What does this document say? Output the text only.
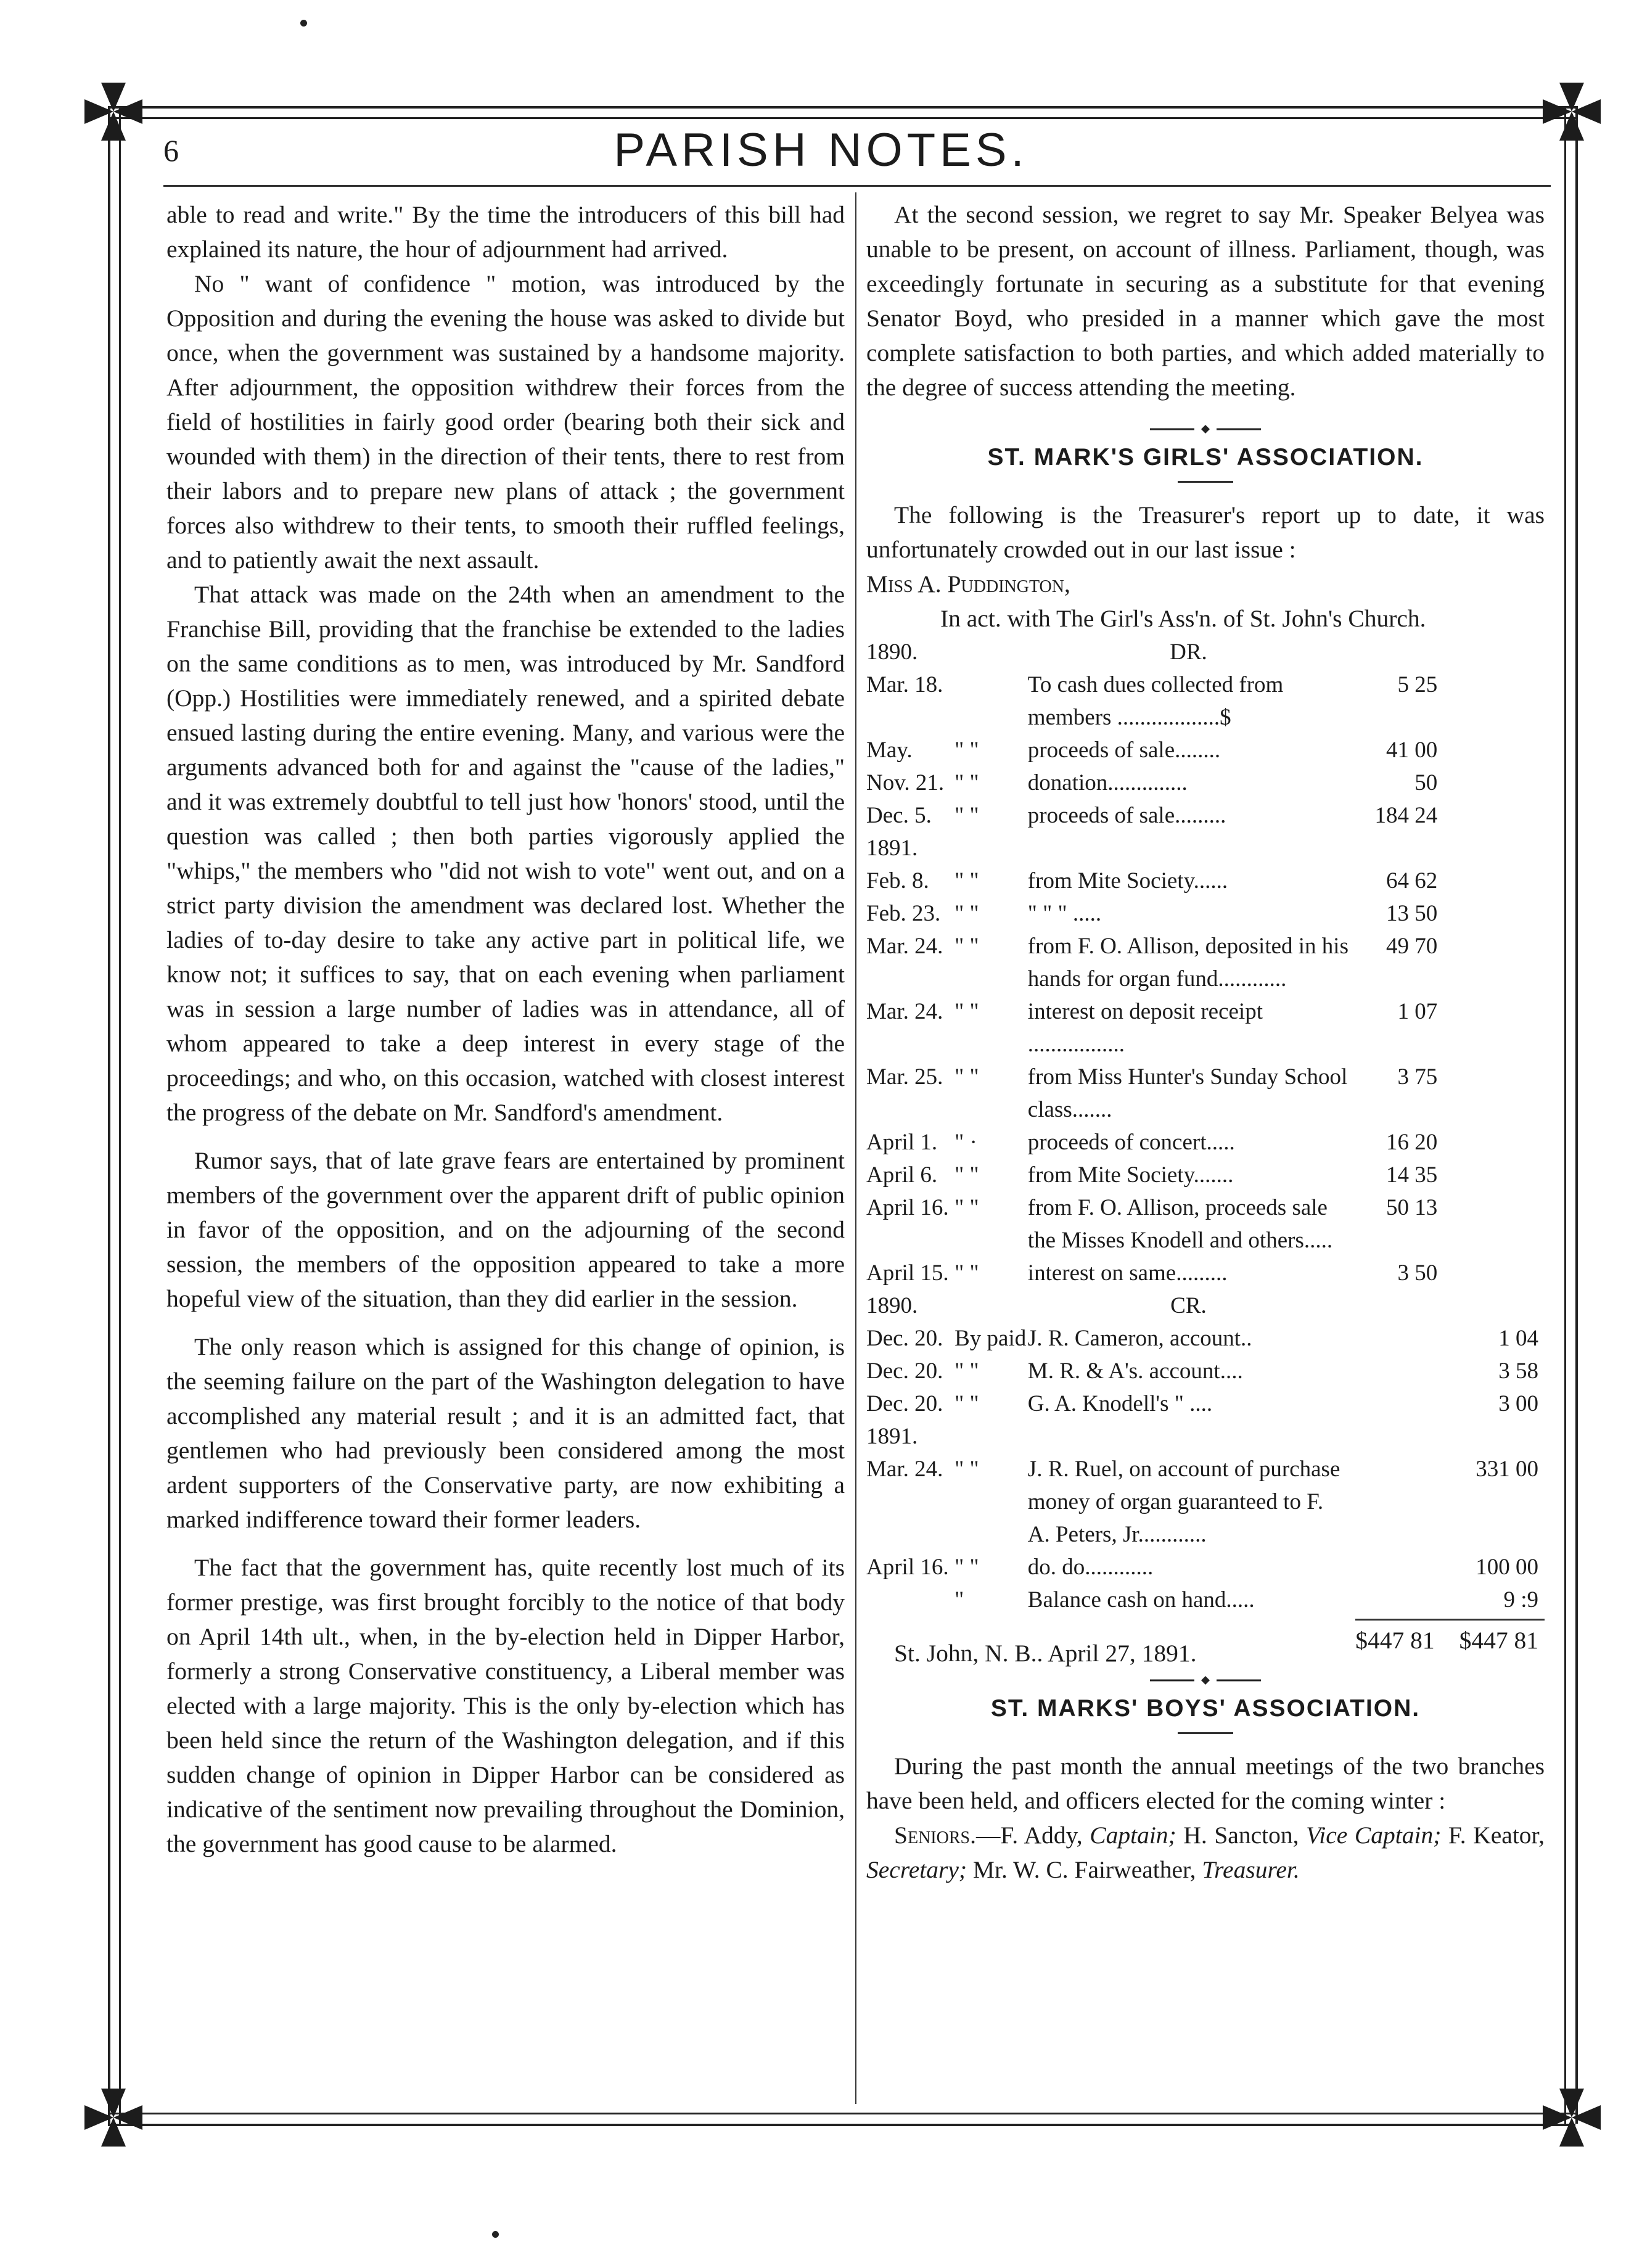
6	PARISH NOTES.

able to read and write." By the time the introducers of this bill had explained its nature, the hour of adjournment had arrived.

No " want of confidence " motion, was introduced by the Opposition and during the evening the house was asked to divide but once, when the government was sustained by a handsome majority. After adjournment, the opposition withdrew their forces from the field of hostilities in fairly good order (bearing both their sick and wounded with them) in the direction of their tents, there to rest from their labors and to prepare new plans of attack ; the government forces also withdrew to their tents, to smooth their ruffled feelings, and to patiently await the next assault.

That attack was made on the 24th when an amendment to the Franchise Bill, providing that the franchise be extended to the ladies on the same conditions as to men, was introduced by Mr. Sandford (Opp.) Hostilities were immediately renewed, and a spirited debate ensued lasting during the entire evening. Many, and various were the arguments advanced both for and against the "cause of the ladies," and it was extremely doubtful to tell just how 'honors' stood, until the question was called ; then both parties vigorously applied the "whips," the members who "did not wish to vote" went out, and on a strict party division the amendment was declared lost. Whether the ladies of to-day desire to take any active part in political life, we know not; it suffices to say, that on each evening when parliament was in session a large number of ladies was in attendance, all of whom appeared to take a deep interest in every stage of the proceedings; and who, on this occasion, watched with closest interest the progress of the debate on Mr. Sandford's amendment.

Rumor says, that of late grave fears are entertained by prominent members of the government over the apparent drift of public opinion in favor of the opposition, and on the adjourning of the second session, the members of the opposition appeared to take a more hopeful view of the situation, than they did earlier in the session.

The only reason which is assigned for this change of opinion, is the seeming failure on the part of the Washington delegation to have accomplished any material result ; and it is an admitted fact, that gentlemen who had previously been considered among the most ardent supporters of the Conservative party, are now exhibiting a marked indifference toward their former leaders.

The fact that the government has, quite recently lost much of its former prestige, was first brought forcibly to the notice of that body on April 14th ult., when, in the by-election held in Dipper Harbor, formerly a strong Conservative constituency, a Liberal member was elected with a large majority. This is the only by-election which has been held since the return of the Washington delegation, and if this sudden change of opinion in Dipper Harbor can be considered as indicative of the sentiment now prevailing throughout the Dominion, the government has good cause to be alarmed.

At the second session, we regret to say Mr. Speaker Belyea was unable to be present, on account of illness. Parliament, though, was exceedingly fortunate in securing as a substitute for that evening Senator Boyd, who presided in a manner which gave the most complete satisfaction to both parties, and which added materially to the degree of success attending the meeting.

ST. MARK'S GIRLS' ASSOCIATION.

The following is the Treasurer's report up to date, it was unfortunately crowded out in our last issue :

Miss A. Puddington,
In act. with The Girl's Ass'n. of St. John's Church.
1890.		DR.		
Mar. 18.		To cash dues collected from members ..................$	5 25	
May.	" "	proceeds of sale........	41 00	
Nov. 21.	" "	donation..............	50	
Dec. 5.	" "	proceeds of sale.........	184 24	
1891.				
Feb. 8.	" "	from Mite Society......	64 62	
Feb. 23.	" "	" " " .....	13 50	
Mar. 24.	" "	from F. O. Allison, deposited in his hands for organ fund............	49 70	
Mar. 24.	" "	interest on deposit receipt .................	1 07	
Mar. 25.	" "	from Miss Hunter's Sunday School class.......	3 75	
April 1.	" ·	proceeds of concert.....	16 20	
April 6.	" "	from Mite Society.......	14 35	
April 16.	" "	from F. O. Allison, proceeds sale the Misses Knodell and others.....	50 13	
April 15.	" "	interest on same.........	3 50	
1890.		CR.		
Dec. 20.	By paid	J. R. Cameron, account..		1 04
Dec. 20.	" "	M. R. & A's. account....		3 58
Dec. 20.	" "	G. A. Knodell's " ....		3 00
1891.				
Mar. 24.	" "	J. R. Ruel, on account of purchase money of organ guaranteed to F. A. Peters, Jr............		331 00
April 16.	" "	do. do............		100 00
	"	Balance cash on hand.....		9 :9
St. John, N. B.. April 27, 1891.	$447 81 $447 81
ST. MARKS' BOYS' ASSOCIATION.

During the past month the annual meetings of the two branches have been held, and officers elected for the coming winter :

Seniors.—F. Addy, Captain; H. Sancton, Vice Captain; F. Keator, Secretary; Mr. W. C. Fairweather, Treasurer.
